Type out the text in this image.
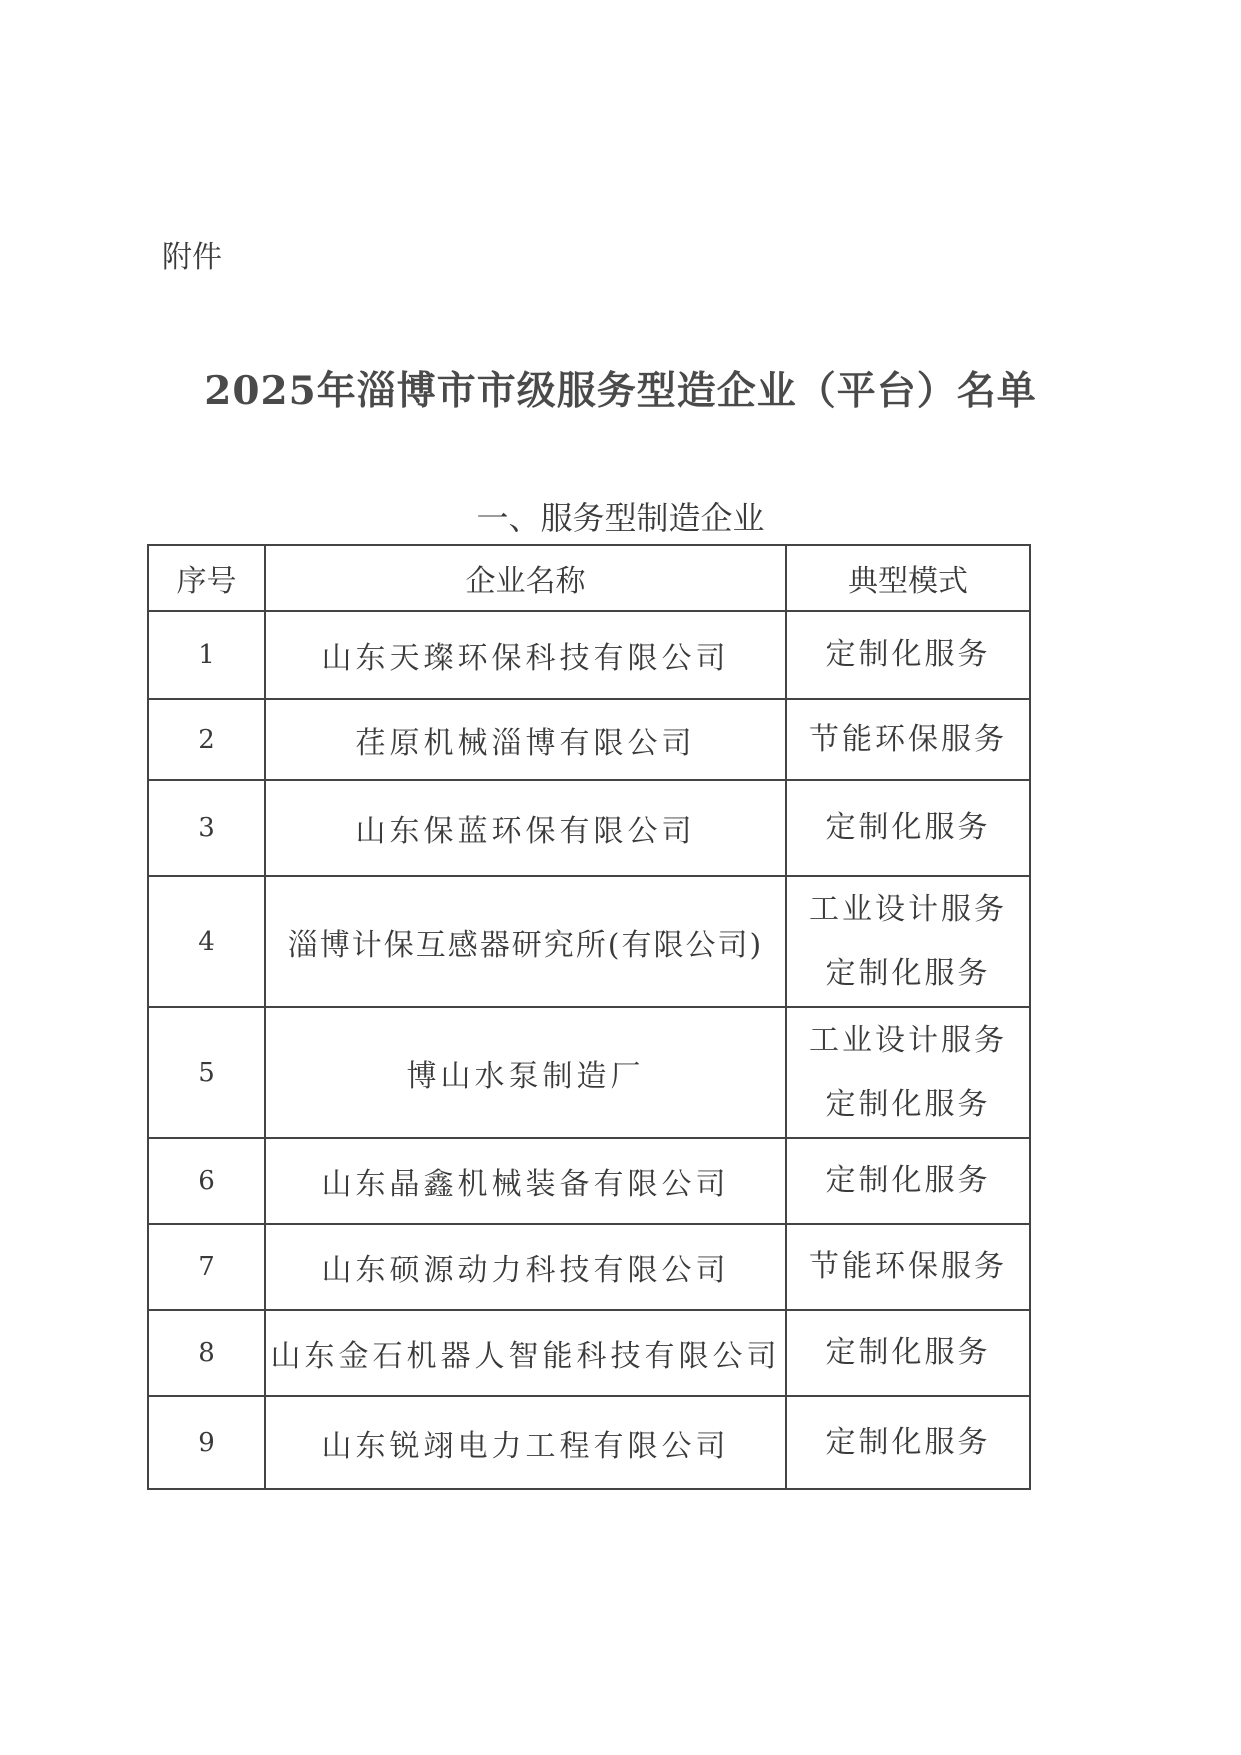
附件
2025年淄博市市级服务型造企业（平台）名单
一、服务型制造企业
序号	企业名称	典型模式
1	山东天璨环保科技有限公司	定制化服务

2	荏原机械淄博有限公司	节能环保服务

3	山东保蓝环保有限公司	定制化服务

4	淄博计保互感器研究所(有限公司)	工业设计服务
定制化服务

5	博山水泵制造厂	工业设计服务
定制化服务

6	山东晶鑫机械装备有限公司	定制化服务

7	山东硕源动力科技有限公司	节能环保服务

8	山东金石机器人智能科技有限公司	定制化服务

9	山东锐翊电力工程有限公司	定制化服务
